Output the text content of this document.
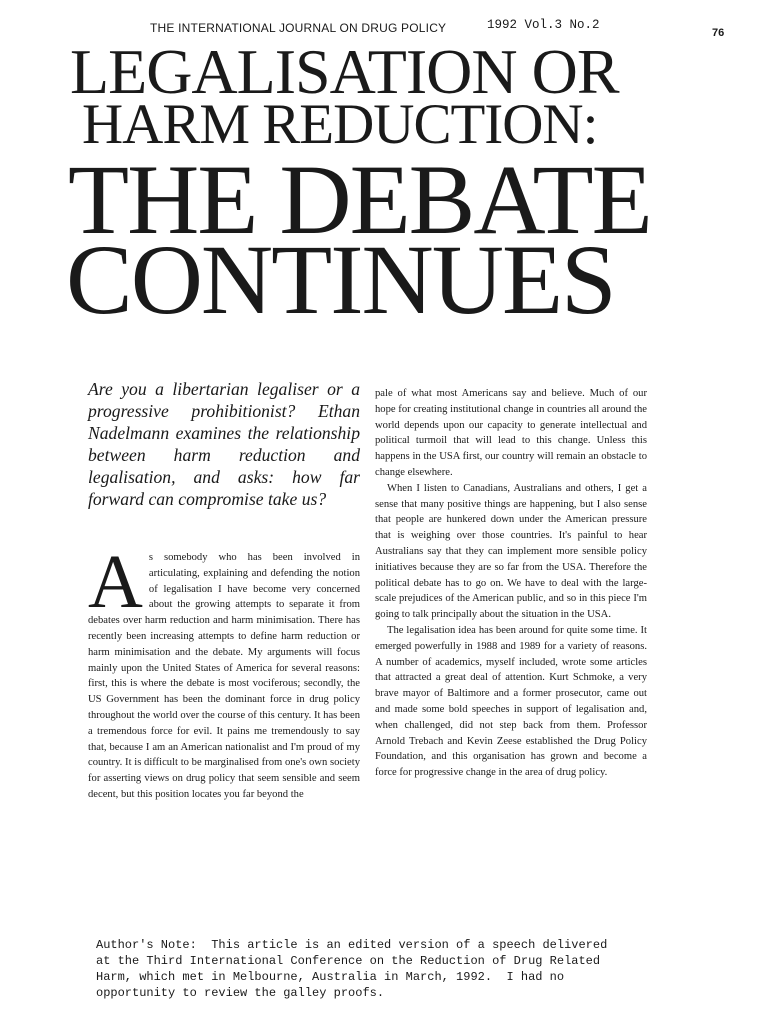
THE INTERNATIONAL JOURNAL ON DRUG POLICY	1992 Vol.3 No.2
76
LEGALISATION OR
HARM REDUCTION:
THE DEBATE
CONTINUES
Are you a libertarian legaliser or a progressive prohibitionist? Ethan Nadelmann examines the relationship between harm reduction and legalisation, and asks: how far forward can compromise take us?

As somebody who has been involved in articulating, explaining and defending the notion of legalisation I have become very concerned about the growing attempts to separate it from debates over harm reduction and harm minimisation. There has recently been increasing attempts to define harm reduction or harm minimisation and the debate. My arguments will focus mainly upon the United States of America for several reasons: first, this is where the debate is most vociferous; secondly, the US Government has been the dominant force in drug policy throughout the world over the course of this century. It has been a tremendous force for evil. It pains me tremendously to say that, because I am an American nationalist and I'm proud of my country. It is difficult to be marginalised from one's own society for asserting views on drug policy that seem sensible and seem decent, but this position locates you far beyond the

pale of what most Americans say and believe. Much of our hope for creating institutional change in countries all around the world depends upon our capacity to generate intellectual and political turmoil that will lead to this change. Unless this happens in the USA first, our country will remain an obstacle to change elsewhere.

When I listen to Canadians, Australians and others, I get a sense that many positive things are happening, but I also sense that people are hunkered down under the American pressure that is weighing over those countries. It's painful to hear Australians say that they can implement more sensible policy initiatives because they are so far from the USA. Therefore the political debate has to go on. We have to deal with the large-scale prejudices of the American public, and so in this piece I'm going to talk principally about the situation in the USA.

The legalisation idea has been around for quite some time. It emerged powerfully in 1988 and 1989 for a variety of reasons. A number of academics, myself included, wrote some articles that attracted a great deal of attention. Kurt Schmoke, a very brave mayor of Baltimore and a former prosecutor, came out and made some bold speeches in support of legalisation and, when challenged, did not step back from them. Professor Arnold Trebach and Kevin Zeese established the Drug Policy Foundation, and this organisation has grown and become a force for progressive change in the area of drug policy.

Author's Note:  This article is an edited version of a speech delivered
at the Third International Conference on the Reduction of Drug Related
Harm, which met in Melbourne, Australia in March, 1992.  I had no
opportunity to review the galley proofs.
